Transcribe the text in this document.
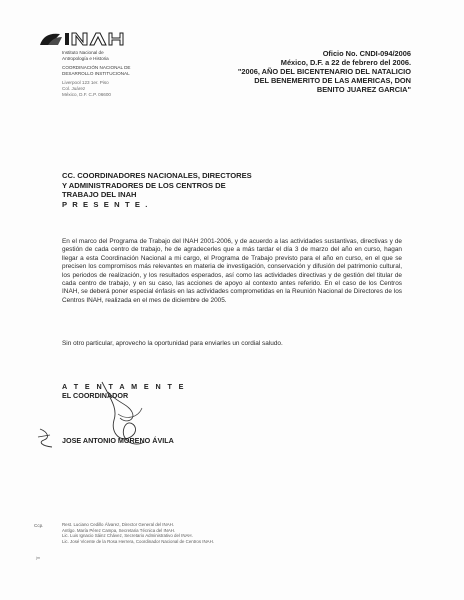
Instituto Nacional de
Antropología e Historia
COORDINACIÓN NACIONAL DE
DESARROLLO INSTITUCIONAL
Liverpool 123 1er. Piso
Col. Juárez
México, D.F. C.P. 06600
Oficio No. CNDI-094/2006
México, D.F. a 22 de febrero del 2006.
"2006, AÑO DEL BICENTENARIO DEL NATALICIO
DEL BENEMERITO DE LAS AMERICAS, DON
BENITO JUAREZ GARCIA"
CC. COORDINADORES NACIONALES, DIRECTORES
Y ADMINISTRADORES DE LOS CENTROS DE
TRABAJO DEL INAH
P R E S E N T E .
En el marco del Programa de Trabajo del INAH 2001-2006, y de acuerdo a las actividades sustantivas, directivas y de gestión de cada centro de trabajo, he de agradecerles que a más tardar el día 3 de marzo del año en curso, hagan llegar a esta Coordinación Nacional a mi cargo, el Programa de Trabajo previsto para el año en curso, en el que se precisen los compromisos más relevantes en materia de investigación, conservación y difusión del patrimonio cultural, los periodos de realización, y los resultados esperados, así como las actividades directivas y de gestión del titular de cada centro de trabajo, y en su caso, las acciones de apoyo al contexto antes referido. En el caso de los Centros INAH, se deberá poner especial énfasis en las actividades comprometidas en la Reunión Nacional de Directores de los Centros INAH, realizada en el mes de diciembre de 2005.
Sin otro particular, aprovecho la oportunidad para enviarles un cordial saludo.
A T E N T A M E N T E
EL COORDINADOR
JOSE ANTONIO MORENO ÁVILA
Ccp.	Rest. Luciano Cedillo Álvarez, Director General del INAH.
Antlgo. María Pérez Campa, Secretaria Técnica del INAH.
Lic. Luis Ignacio Sáinz Chávez, Secretario Administrativo del INAH.
Lic. José Vicente de la Rosa Herrera, Coordinador Nacional de Centros INAH.
jm
